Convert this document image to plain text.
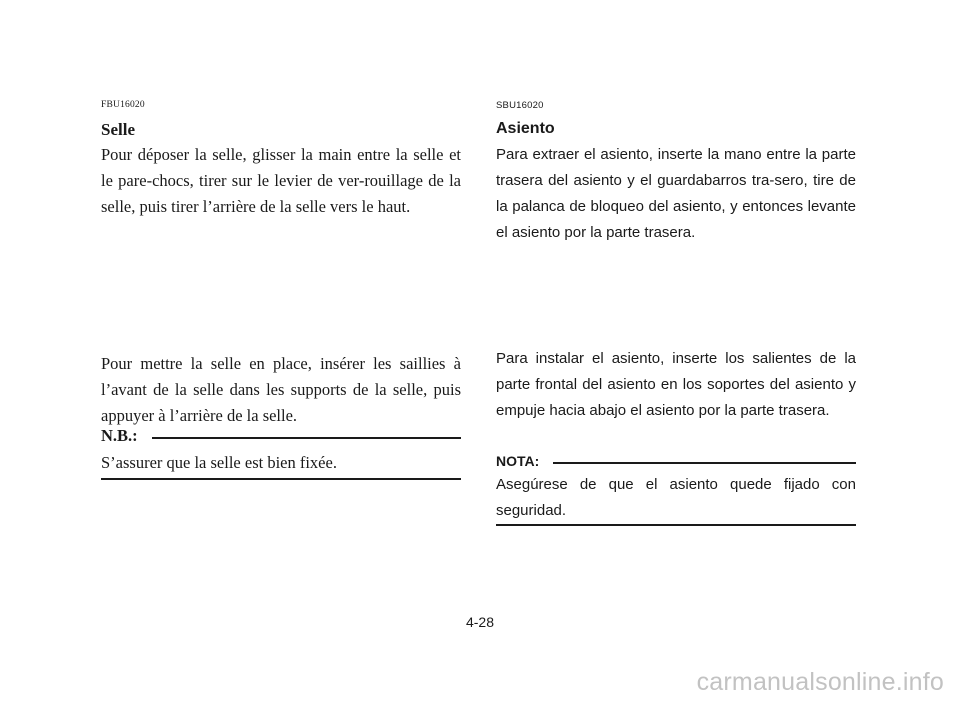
FBU16020
Selle

Pour déposer la selle, glisser la main entre la selle et le pare-chocs, tirer sur le levier de ver-rouillage de la selle, puis tirer l’arrière de la selle vers le haut.

Pour mettre la selle en place, insérer les saillies à l’avant de la selle dans les supports de la selle, puis appuyer à l’arrière de la selle.

N.B.:

S’assurer que la selle est bien fixée.

SBU16020
Asiento

Para extraer el asiento, inserte la mano entre la parte trasera del asiento y el guardabarros tra-sero, tire de la palanca de bloqueo del asiento, y entonces levante el asiento por la parte trasera.

Para instalar el asiento, inserte los salientes de la parte frontal del asiento en los soportes del asiento y empuje hacia abajo el asiento por la parte trasera.

NOTA:

Asegúrese de que el asiento quede fijado con seguridad.

4-28
carmanualsonline.info
